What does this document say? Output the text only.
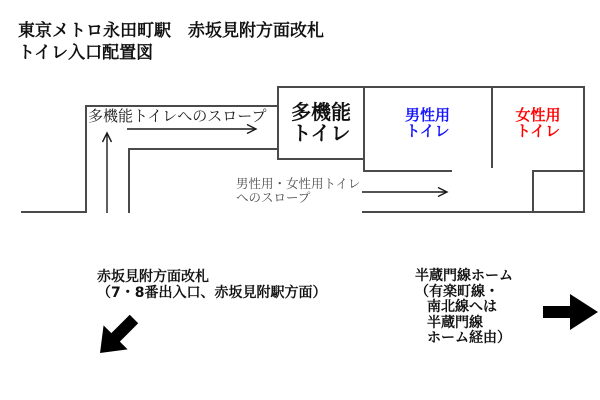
東京メトロ永田町駅　赤坂見附方面改札
トイレ入口配置図
多機能トイレへのスロープ	多機能
トイレ
男性用
トイレ
女性用
トイレ
男性用・女性用トイレ
へのスロープ
赤坂見附方面改札
（7・8番出入口、赤坂見附駅方面）
半蔵門線ホーム
（有楽町線・
南北線へは
半蔵門線
ホーム経由）
